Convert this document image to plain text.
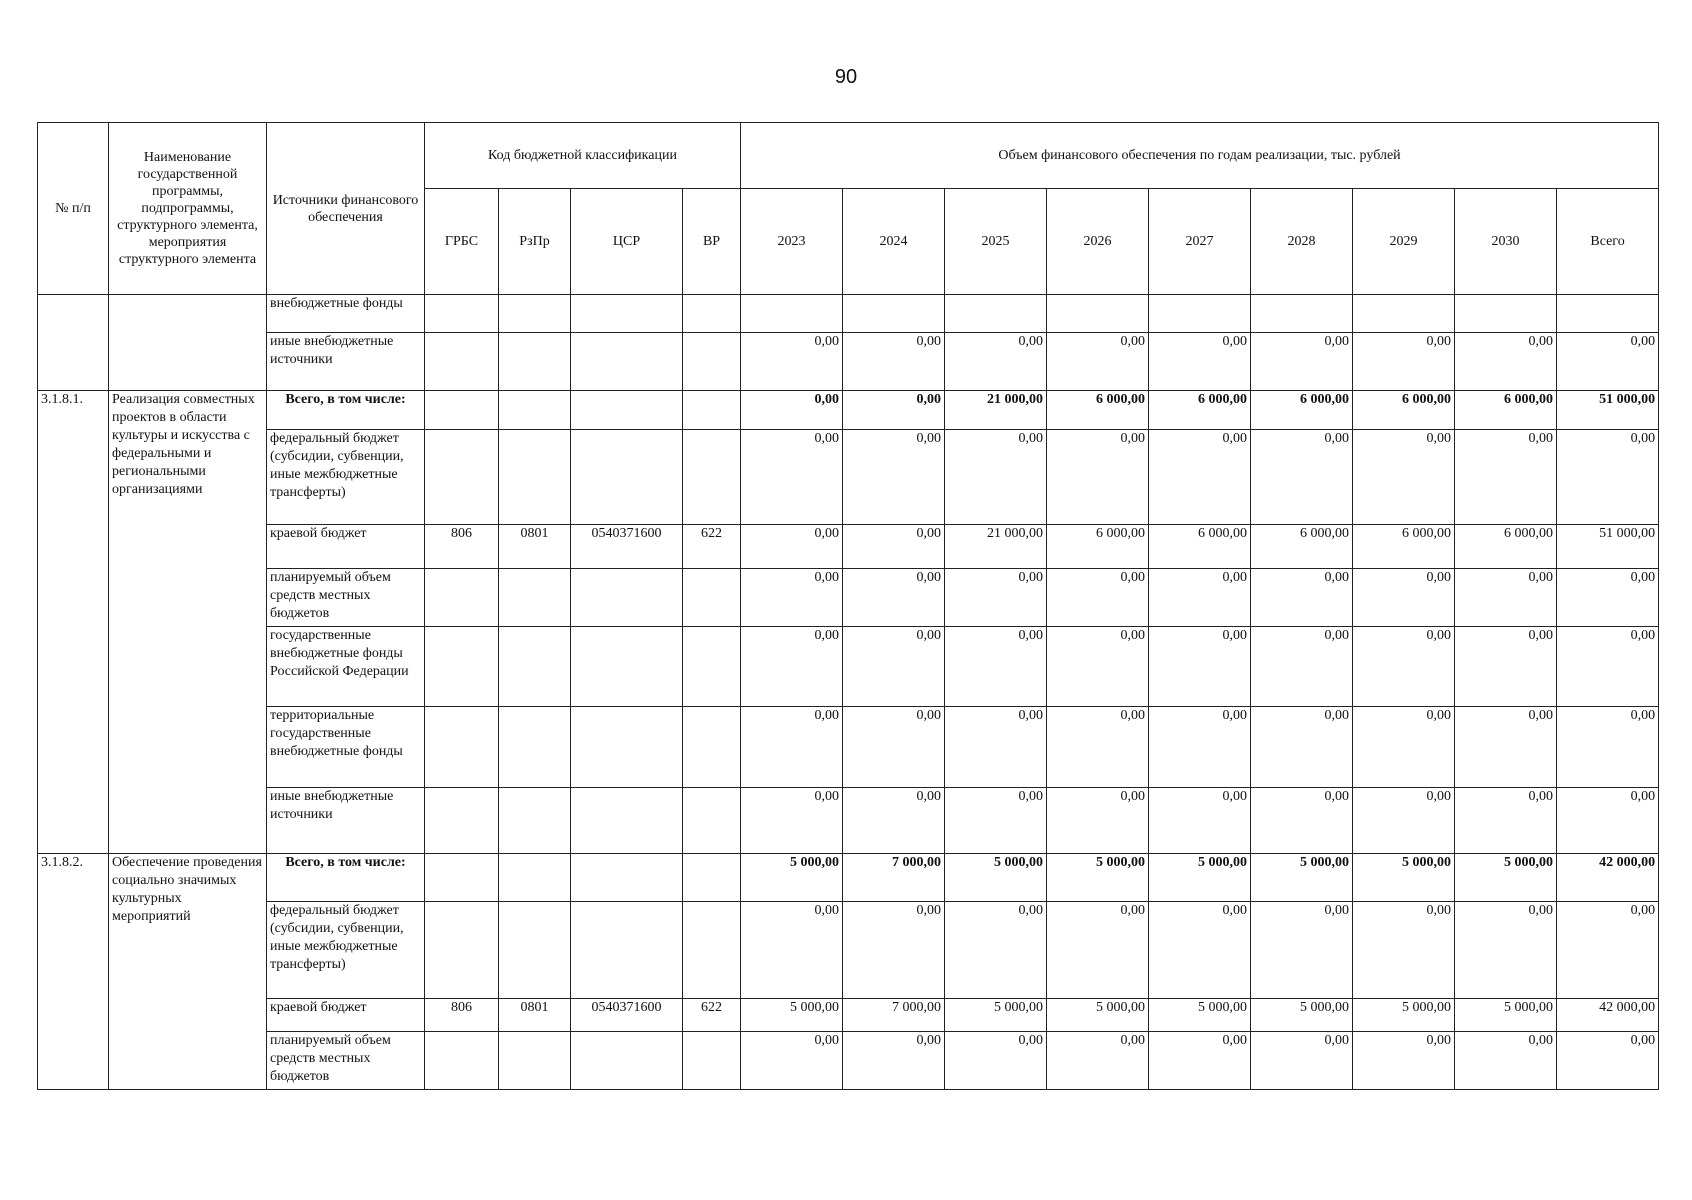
90
№ п/п	Наименование государственной программы, подпрограммы, структурного элемента, мероприятия структурного элемента	Источники финансового обеспечения	Код бюджетной классификации				Объем финансового обеспечения по годам реализации, тыс. рублей								
			ГРБС	РзПр	ЦСР	ВР	2023	2024	2025	2026	2027	2028	2029	2030	Всего
		внебюджетные фонды													
		иные внебюджетные источники					0,00	0,00	0,00	0,00	0,00	0,00	0,00	0,00	0,00
3.1.8.1.	Реализация совместных проектов в области культуры и искусства с федеральными и региональными организациями	Всего, в том числе:					0,00	0,00	21 000,00	6 000,00	6 000,00	6 000,00	6 000,00	6 000,00	51 000,00
		федеральный бюджет (субсидии, субвенции, иные межбюджетные трансферты)					0,00	0,00	0,00	0,00	0,00	0,00	0,00	0,00	0,00
		краевой бюджет	806	0801	0540371600	622	0,00	0,00	21 000,00	6 000,00	6 000,00	6 000,00	6 000,00	6 000,00	51 000,00
		планируемый объем средств местных бюджетов					0,00	0,00	0,00	0,00	0,00	0,00	0,00	0,00	0,00
		государственные внебюджетные фонды Российской Федерации					0,00	0,00	0,00	0,00	0,00	0,00	0,00	0,00	0,00
		территориальные государственные внебюджетные фонды					0,00	0,00	0,00	0,00	0,00	0,00	0,00	0,00	0,00
		иные внебюджетные источники					0,00	0,00	0,00	0,00	0,00	0,00	0,00	0,00	0,00
3.1.8.2.	Обеспечение проведения социально значимых культурных мероприятий	Всего, в том числе:					5 000,00	7 000,00	5 000,00	5 000,00	5 000,00	5 000,00	5 000,00	5 000,00	42 000,00
		федеральный бюджет (субсидии, субвенции, иные межбюджетные трансферты)					0,00	0,00	0,00	0,00	0,00	0,00	0,00	0,00	0,00
		краевой бюджет	806	0801	0540371600	622	5 000,00	7 000,00	5 000,00	5 000,00	5 000,00	5 000,00	5 000,00	5 000,00	42 000,00
		планируемый объем средств местных бюджетов					0,00	0,00	0,00	0,00	0,00	0,00	0,00	0,00	0,00
